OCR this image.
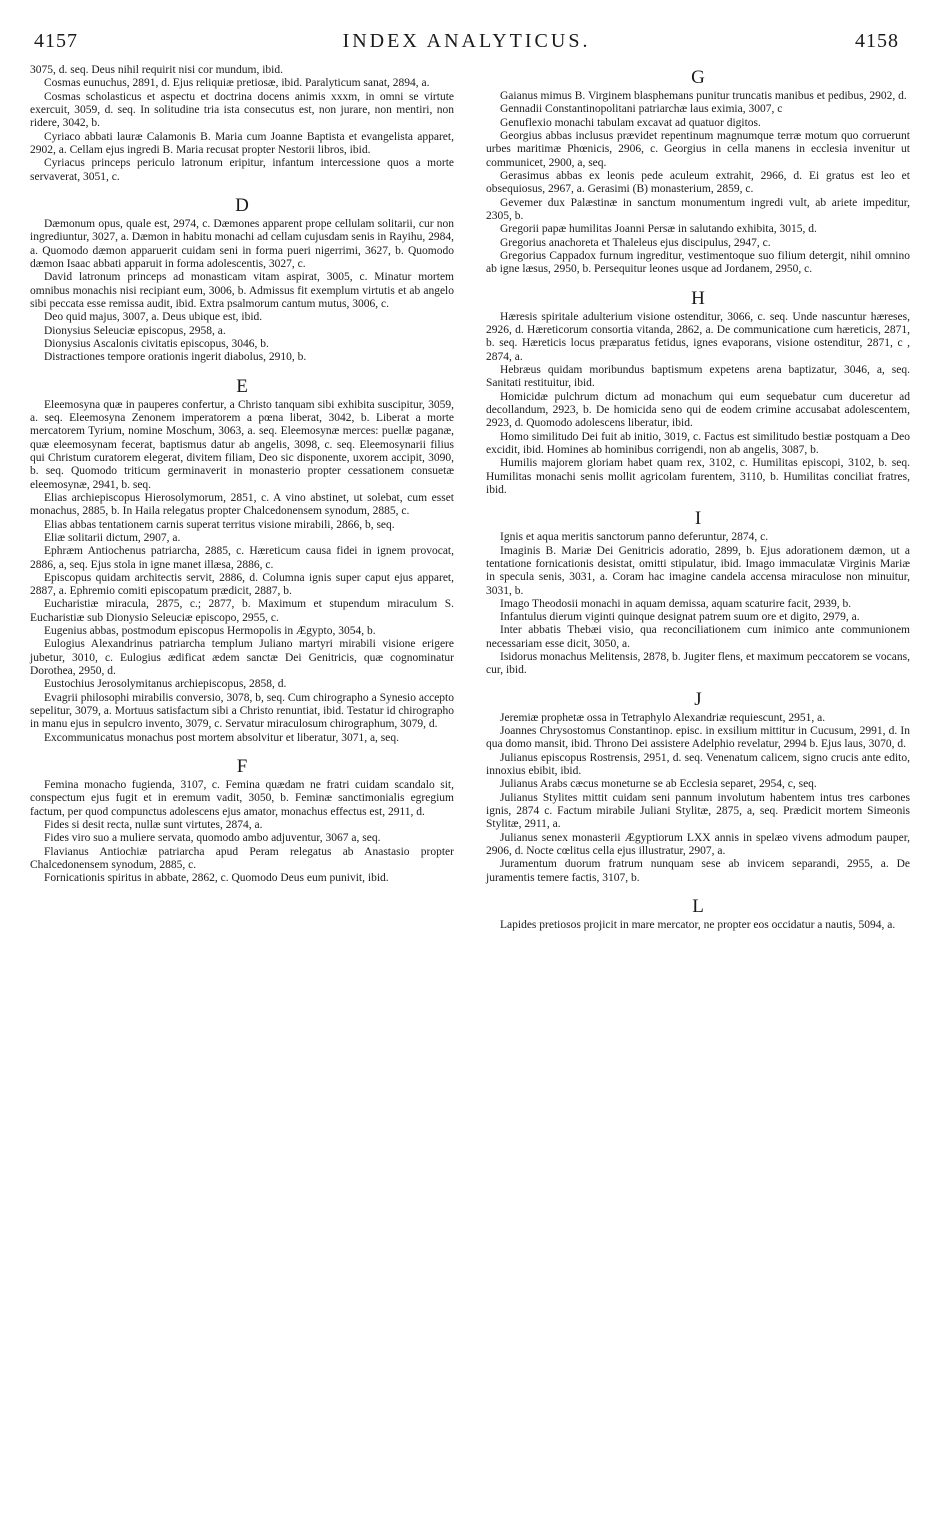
4157	INDEX ANALYTICUS.	4158

3075, d. seq. Deus nihil requirit nisi cor mundum, ibid.

Cosmas eunuchus, 2891, d. Ejus reliquiæ pretiosæ, ibid. Paralyticum sanat, 2894, a.

Cosmas scholasticus et aspectu et doctrina docens animis xxxm, in omni se virtute exercuit, 3059, d. seq. In solitudine tria ista consecutus est, non jurare, non mentiri, non ridere, 3042, b.

Cyriaco abbati lauræ Calamonis B. Maria cum Joanne Baptista et evangelista apparet, 2902, a. Cellam ejus ingredi B. Maria recusat propter Nestorii libros, ibid.

Cyriacus princeps periculo latronum eripitur, infantum intercessione quos a morte servaverat, 3051, c.

D

Dæmonum opus, quale est, 2974, c. Dæmones apparent prope cellulam solitarii, cur non ingrediuntur, 3027, a. Dæmon in habitu monachi ad cellam cujusdam senis in Rayihu, 2984, a. Quomodo dæmon apparuerit cuidam seni in forma pueri nigerrimi, 3627, b. Quomodo dæmon Isaac abbati apparuit in forma adolescentis, 3027, c.

David latronum princeps ad monasticam vitam aspirat, 3005, c. Minatur mortem omnibus monachis nisi recipiant eum, 3006, b. Admissus fit exemplum virtutis et ab angelo sibi peccata esse remissa audit, ibid. Extra psalmorum cantum mutus, 3006, c.

Deo quid majus, 3007, a. Deus ubique est, ibid.

Dionysius Seleuciæ episcopus, 2958, a.

Dionysius Ascalonis civitatis episcopus, 3046, b.

Distractiones tempore orationis ingerit diabolus, 2910, b.

E

Eleemosyna quæ in pauperes confertur, a Christo tanquam sibi exhibita suscipitur, 3059, a. seq. Eleemosyna Zenonem imperatorem a pœna liberat, 3042, b. Liberat a morte mercatorem Tyrium, nomine Moschum, 3063, a. seq. Eleemosynæ merces: puellæ paganæ, quæ eleemosynam fecerat, baptismus datur ab angelis, 3098, c. seq. Eleemosynarii filius qui Christum curatorem elegerat, divitem filiam, Deo sic disponente, uxorem accipit, 3090, b. seq. Quomodo triticum germinaverit in monasterio propter cessationem consuetæ eleemosynæ, 2941, b. seq.

Elias archiepiscopus Hierosolymorum, 2851, c. A vino abstinet, ut solebat, cum esset monachus, 2885, b. In Haila relegatus propter Chalcedonensem synodum, 2885, c.

Elias abbas tentationem carnis superat territus visione mirabili, 2866, b, seq.

Eliæ solitarii dictum, 2907, a.

Ephræm Antiochenus patriarcha, 2885, c. Hæreticum causa fidei in ignem provocat, 2886, a, seq. Ejus stola in igne manet illæsa, 2886, c.

Episcopus quidam architectis servit, 2886, d. Columna ignis super caput ejus apparet, 2887, a. Ephremio comiti episcopatum prædicit, 2887, b.

Eucharistiæ miracula, 2875, c.; 2877, b. Maximum et stupendum miraculum S. Eucharistiæ sub Dionysio Seleuciæ episcopo, 2955, c.

Eugenius abbas, postmodum episcopus Hermopolis in Ægypto, 3054, b.

Eulogius Alexandrinus patriarcha templum Juliano martyri mirabili visione erigere jubetur, 3010, c. Eulogius ædificat ædem sanctæ Dei Genitricis, quæ cognominatur Dorothea, 2950, d.

Eustochius Jerosolymitanus archiepiscopus, 2858, d.

Evagrii philosophi mirabilis conversio, 3078, b, seq. Cum chirographo a Synesio accepto sepelitur, 3079, a. Mortuus satisfactum sibi a Christo renuntiat, ibid. Testatur id chirographo in manu ejus in sepulcro invento, 3079, c. Servatur miraculosum chirographum, 3079, d.

Excommunicatus monachus post mortem absolvitur et liberatur, 3071, a, seq.

F

Femina monacho fugienda, 3107, c. Femina quædam ne fratri cuidam scandalo sit, conspectum ejus fugit et in eremum vadit, 3050, b. Feminæ sanctimonialis egregium factum, per quod compunctus adolescens ejus amator, monachus effectus est, 2911, d.

Fides si desit recta, nullæ sunt virtutes, 2874, a.

Fides viro suo a muliere servata, quomodo ambo adjuventur, 3067 a, seq.

Flavianus Antiochiæ patriarcha apud Peram relegatus ab Anastasio propter Chalcedonensem synodum, 2885, c.

Fornicationis spiritus in abbate, 2862, c. Quomodo Deus eum punivit, ibid.

G

Gaianus mimus B. Virginem blasphemans punitur truncatis manibus et pedibus, 2902, d.

Gennadii Constantinopolitani patriarchæ laus eximia, 3007, c

Genuflexio monachi tabulam excavat ad quatuor digitos.

Georgius abbas inclusus prævidet repentinum magnumque terræ motum quo corruerunt urbes maritimæ Phœnicis, 2906, c. Georgius in cella manens in ecclesia invenitur ut communicet, 2900, a, seq.

Gerasimus abbas ex leonis pede aculeum extrahit, 2966, d. Ei gratus est leo et obsequiosus, 2967, a. Gerasimi (B) monasterium, 2859, c.

Gevemer dux Palæstinæ in sanctum monumentum ingredi vult, ab ariete impeditur, 2305, b.

Gregorii papæ humilitas Joanni Persæ in salutando exhibita, 3015, d.

Gregorius anachoreta et Thaleleus ejus discipulus, 2947, c.

Gregorius Cappadox furnum ingreditur, vestimentoque suo filium detergit, nihil omnino ab igne læsus, 2950, b. Persequitur leones usque ad Jordanem, 2950, c.

H

Hæresis spiritale adulterium visione ostenditur, 3066, c. seq. Unde nascuntur hæreses, 2926, d. Hæreticorum consortia vitanda, 2862, a. De communicatione cum hæreticis, 2871, b. seq. Hæreticis locus præparatus fetidus, ignes evaporans, visione ostenditur, 2871, c , 2874, a.

Hebræus quidam moribundus baptismum expetens arena baptizatur, 3046, a, seq. Sanitati restituitur, ibid.

Homicidæ pulchrum dictum ad monachum qui eum sequebatur cum duceretur ad decollandum, 2923, b. De homicida seno qui de eodem crimine accusabat adolescentem, 2923, d. Quomodo adolescens liberatur, ibid.

Homo similitudo Dei fuit ab initio, 3019, c. Factus est similitudo bestiæ postquam a Deo excidit, ibid. Homines ab hominibus corrigendi, non ab angelis, 3087, b.

Humilis majorem gloriam habet quam rex, 3102, c. Humilitas episcopi, 3102, b. seq. Humilitas monachi senis mollit agricolam furentem, 3110, b. Humilitas conciliat fratres, ibid.

I

Ignis et aqua meritis sanctorum panno deferuntur, 2874, c.

Imaginis B. Mariæ Dei Genitricis adoratio, 2899, b. Ejus adorationem dæmon, ut a tentatione fornicationis desistat, omitti stipulatur, ibid. Imago immaculatæ Virginis Mariæ in specula senis, 3031, a. Coram hac imagine candela accensa miraculose non minuitur, 3031, b.

Imago Theodosii monachi in aquam demissa, aquam scaturire facit, 2939, b.

Infantulus dierum viginti quinque designat patrem suum ore et digito, 2979, a.

Inter abbatis Thebæi visio, qua reconciliationem cum inimico ante communionem necessariam esse dicit, 3050, a.

Isidorus monachus Melitensis, 2878, b. Jugiter flens, et maximum peccatorem se vocans, cur, ibid.

J

Jeremiæ prophetæ ossa in Tetraphylo Alexandriæ requiescunt, 2951, a.

Joannes Chrysostomus Constantinop. episc. in exsilium mittitur in Cucusum, 2991, d. In qua domo mansit, ibid. Throno Dei assistere Adelphio revelatur, 2994 b. Ejus laus, 3070, d.

Julianus episcopus Rostrensis, 2951, d. seq. Venenatum calicem, signo crucis ante edito, innoxius ebibit, ibid.

Julianus Arabs cæcus moneturne se ab Ecclesia separet, 2954, c, seq.

Julianus Stylites mittit cuidam seni pannum involutum habentem intus tres carbones ignis, 2874 c. Factum mirabile Juliani Stylitæ, 2875, a, seq. Prædicit mortem Simeonis Stylitæ, 2911, a.

Julianus senex monasterii Ægyptiorum LXX annis in spelæo vivens admodum pauper, 2906, d. Nocte cœlitus cella ejus illustratur, 2907, a.

Juramentum duorum fratrum nunquam sese ab invicem separandi, 2955, a. De juramentis temere factis, 3107, b.

L

Lapides pretiosos projicit in mare mercator, ne propter eos occidatur a nautis, 5094, a.
